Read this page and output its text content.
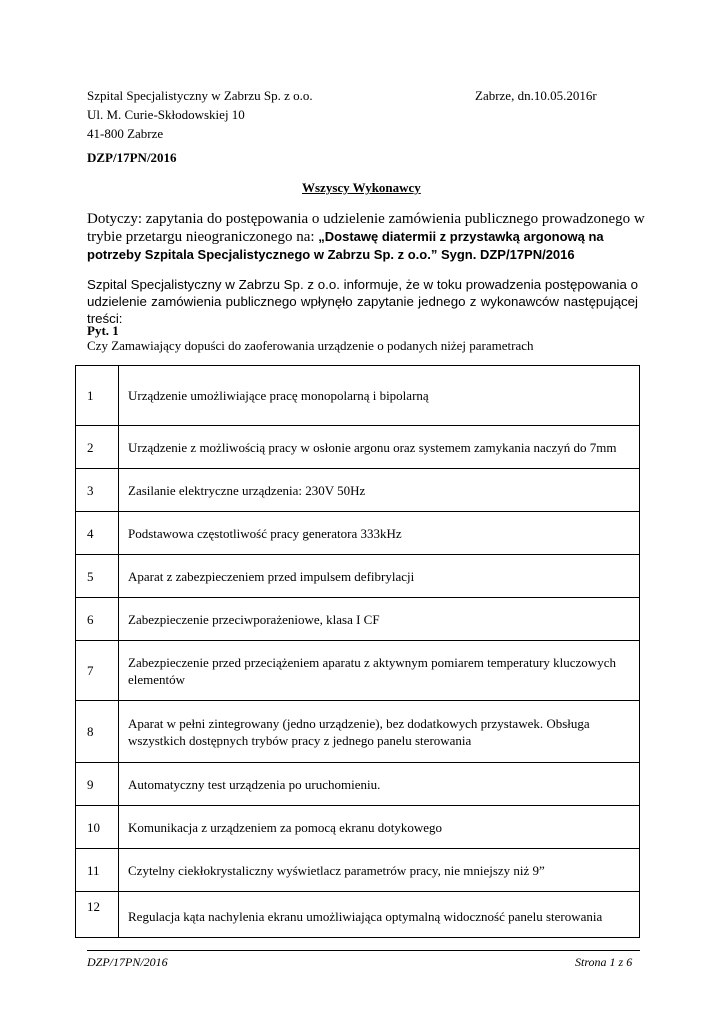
Szpital Specjalistyczny w Zabrzu Sp. z o.o.
Ul. M. Curie-Skłodowskiej 10
41-800 Zabrze
Zabrze, dn.10.05.2016r
DZP/17PN/2016
Wszyscy Wykonawcy
Dotyczy: zapytania do postępowania o udzielenie zamówienia publicznego prowadzonego w trybie przetargu nieograniczonego na: „Dostawę diatermii z przystawką argonową na potrzeby Szpitala Specjalistycznego w Zabrzu Sp. z o.o.” Sygn. DZP/17PN/2016
Szpital Specjalistyczny w Zabrzu Sp. z o.o. informuje, że w toku prowadzenia postępowania o udzielenie zamówienia publicznego wpłynęło zapytanie jednego z wykonawców następującej treści:
Pyt. 1
Czy Zamawiający dopuści do zaoferowania urządzenie o podanych niżej parametrach
1	Urządzenie umożliwiające pracę monopolarną i bipolarną
2	Urządzenie z możliwością pracy w osłonie argonu oraz systemem zamykania naczyń do 7mm
3	Zasilanie elektryczne urządzenia: 230V 50Hz
4	Podstawowa częstotliwość pracy generatora 333kHz
5	Aparat z zabezpieczeniem przed impulsem defibrylacji
6	Zabezpieczenie przeciwporażeniowe, klasa I CF
7	Zabezpieczenie przed przeciążeniem aparatu z aktywnym pomiarem temperatury kluczowych elementów
8	Aparat w pełni zintegrowany (jedno urządzenie), bez dodatkowych przystawek. Obsługa wszystkich dostępnych trybów pracy z jednego panelu sterowania
9	Automatyczny test urządzenia po uruchomieniu.
10	Komunikacja z urządzeniem za pomocą ekranu dotykowego
11	Czytelny ciekłokrystaliczny wyświetlacz parametrów pracy, nie mniejszy niż 9”
12	Regulacja kąta nachylenia ekranu umożliwiająca optymalną widoczność panelu sterowania
DZP/17PN/2016	Strona 1 z 6
